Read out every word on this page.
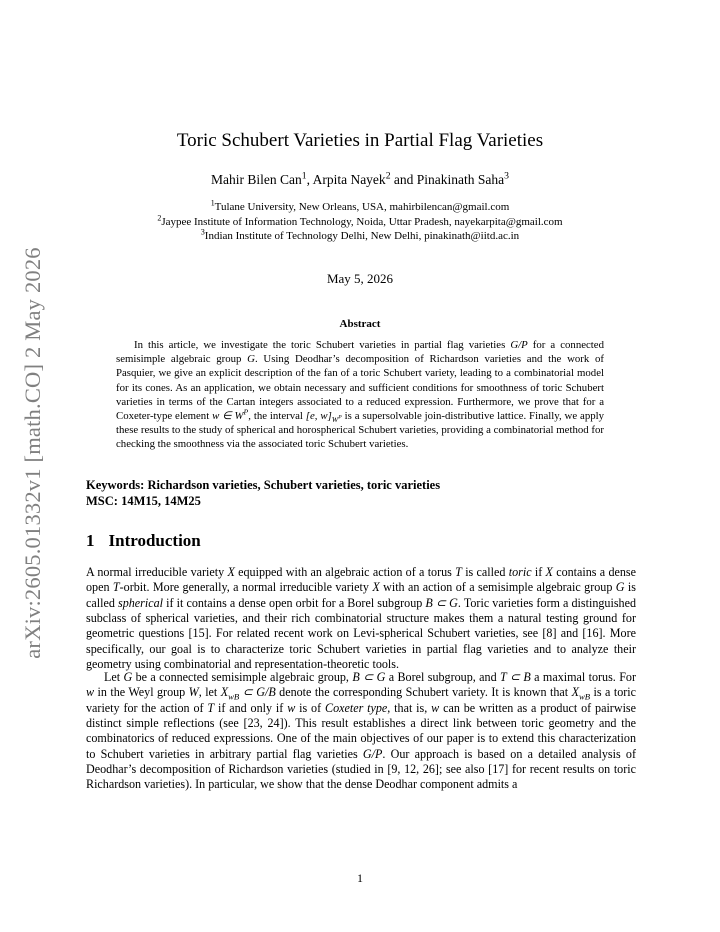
arXiv:2605.01332v1 [math.CO] 2 May 2026
Toric Schubert Varieties in Partial Flag Varieties
Mahir Bilen Can$^1$, Arpita Nayek$^2$ and Pinakinath Saha$^3$
$^1$Tulane University, New Orleans, USA, mahirbilencan@gmail.com
$^2$Jaypee Institute of Information Technology, Noida, Uttar Pradesh, nayekarpita@gmail.com
$^3$Indian Institute of Technology Delhi, New Delhi, pinakinath@iitd.ac.in
May 5, 2026
Abstract
In this article, we investigate the toric Schubert varieties in partial flag varieties G/P for a connected semisimple algebraic group G. Using Deodhar’s decomposition of Richardson varieties and the work of Pasquier, we give an explicit description of the fan of a toric Schubert variety, leading to a combinatorial model for its cones. As an application, we obtain necessary and sufficient conditions for smoothness of toric Schubert varieties in terms of the Cartan integers associated to a reduced expression. Furthermore, we prove that for a Coxeter-type element w ∈ $W^P$, the interval [e, $w]_{W^P}$ is a supersolvable join-distributive lattice. Finally, we apply these results to the study of spherical and horospherical Schubert varieties, providing a combinatorial method for checking the smoothness via the associated toric Schubert varieties.
Keywords: Richardson varieties, Schubert varieties, toric varieties
MSC: 14M15, 14M25
1 Introduction
A normal irreducible variety X equipped with an algebraic action of a torus T is called toric if X contains a dense open T-orbit. More generally, a normal irreducible variety X with an action of a semisimple algebraic group G is called spherical if it contains a dense open orbit for a Borel subgroup B ⊂ G. Toric varieties form a distinguished subclass of spherical varieties, and their rich combinatorial structure makes them a natural testing ground for geometric questions [15]. For related recent work on Levi-spherical Schubert varieties, see [8] and [16]. More specifically, our goal is to characterize toric Schubert varieties in partial flag varieties and to analyze their geometry using combinatorial and representation-theoretic tools.
Let G be a connected semisimple algebraic group, B ⊂ G a Borel subgroup, and T ⊂ B a maximal torus. For w in the Weyl group W, let $X_{wB}$ ⊂ G/B denote the corresponding Schubert variety. It is known that $X_{wB}$ is a toric variety for the action of T if and only if w is of Coxeter type, that is, w can be written as a product of pairwise distinct simple reflections (see [23, 24]). This result establishes a direct link between toric geometry and the combinatorics of reduced expressions. One of the main objectives of our paper is to extend this characterization to Schubert varieties in arbitrary partial flag varieties G/P. Our approach is based on a detailed analysis of Deodhar’s decomposition of Richardson varieties (studied in [9, 12, 26]; see also [17] for recent results on toric Richardson varieties). In particular, we show that the dense Deodhar component admits a
1
